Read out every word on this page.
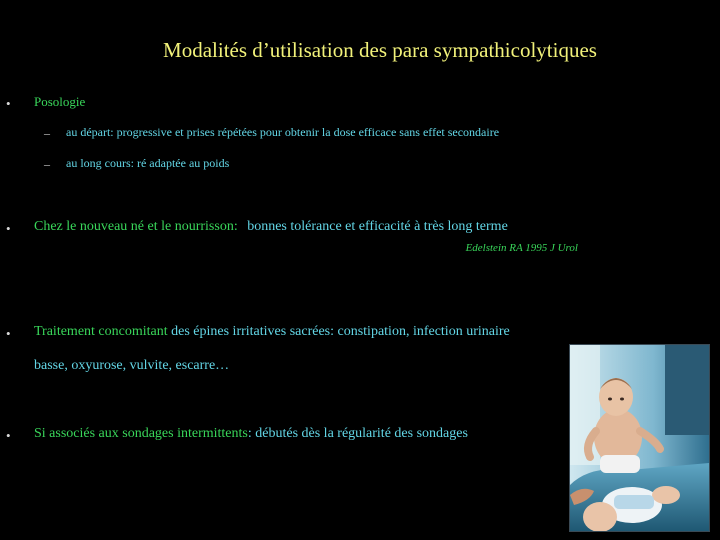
Modalités d’utilisation des para sympathicolytiques
• Posologie
– au départ: progressive et prises répétées pour obtenir la dose efficace sans effet secondaire
– au long cours: ré adaptée au poids
• Chez le nouveau né et le nourrisson: bonnes tolérance et efficacité à très long terme
Edelstein RA 1995 J Urol
• Traitement concomitant des épines irritatives sacrées: constipation, infection urinaire
basse, oxyurose, vulvite, escarre…
• Si associés aux sondages intermittents: débutés dès la régularité des sondages
